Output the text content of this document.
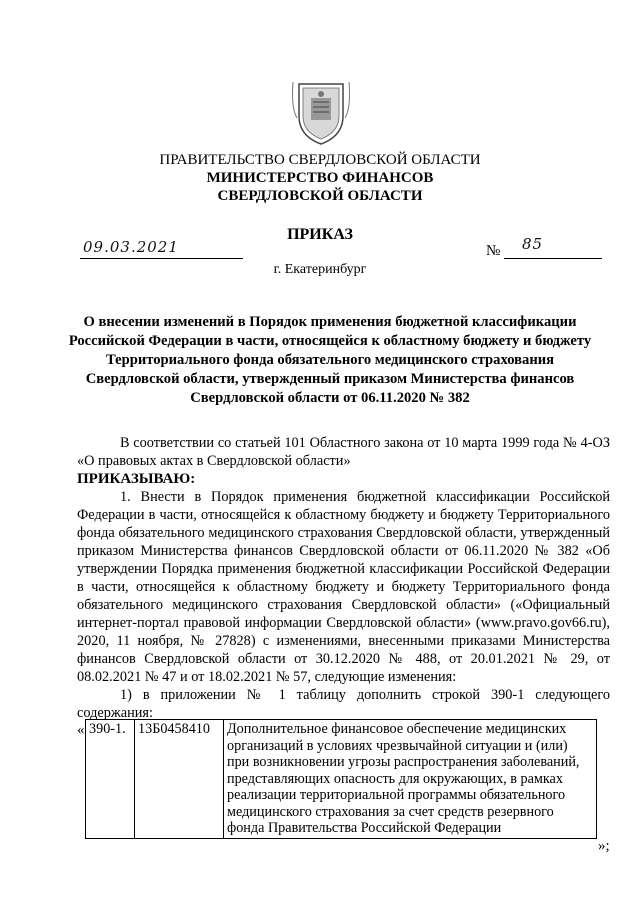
ПРАВИТЕЛЬСТВО СВЕРДЛОВСКОЙ ОБЛАСТИ
МИНИСТЕРСТВО ФИНАНСОВ
СВЕРДЛОВСКОЙ ОБЛАСТИ
ПРИКАЗ
09.03.2021	№ 85
г. Екатеринбург
О внесении изменений в Порядок применения бюджетной классификации Российской Федерации в части, относящейся к областному бюджету и бюджету Территориального фонда обязательного медицинского страхования Свердловской области, утвержденный приказом Министерства финансов Свердловской области от 06.11.2020 № 382

В соответствии со статьей 101 Областного закона от 10 марта 1999 года № 4-ОЗ «О правовых актах в Свердловской области»

ПРИКАЗЫВАЮ:

1. Внести в Порядок применения бюджетной классификации Российской Федерации в части, относящейся к областному бюджету и бюджету Территориального фонда обязательного медицинского страхования Свердловской области, утвержденный приказом Министерства финансов Свердловской области от 06.11.2020 № 382 «Об утверждении Порядка применения бюджетной классификации Российской Федерации в части, относящейся к областному бюджету и бюджету Территориального фонда обязательного медицинского страхования Свердловской области» («Официальный интернет-портал правовой информации Свердловской области» (www.pravo.gov66.ru), 2020, 11 ноября, № 27828) с изменениями, внесенными приказами Министерства финансов Свердловской области от 30.12.2020 № 488, от 20.01.2021 № 29, от 08.02.2021 № 47 и от 18.02.2021 № 57, следующие изменения:

1) в приложении № 1 таблицу дополнить строкой 390-1 следующего содержания:

« 390-1.	13Б0458410	Дополнительное финансовое обеспечение медицинских организаций в условиях чрезвычайной ситуации и (или) при возникновении угрозы распространения заболеваний, представляющих опасность для окружающих, в рамках реализации территориальной программы обязательного медицинского страхования за счет средств резервного фонда Правительства Российской Федерации
»;
